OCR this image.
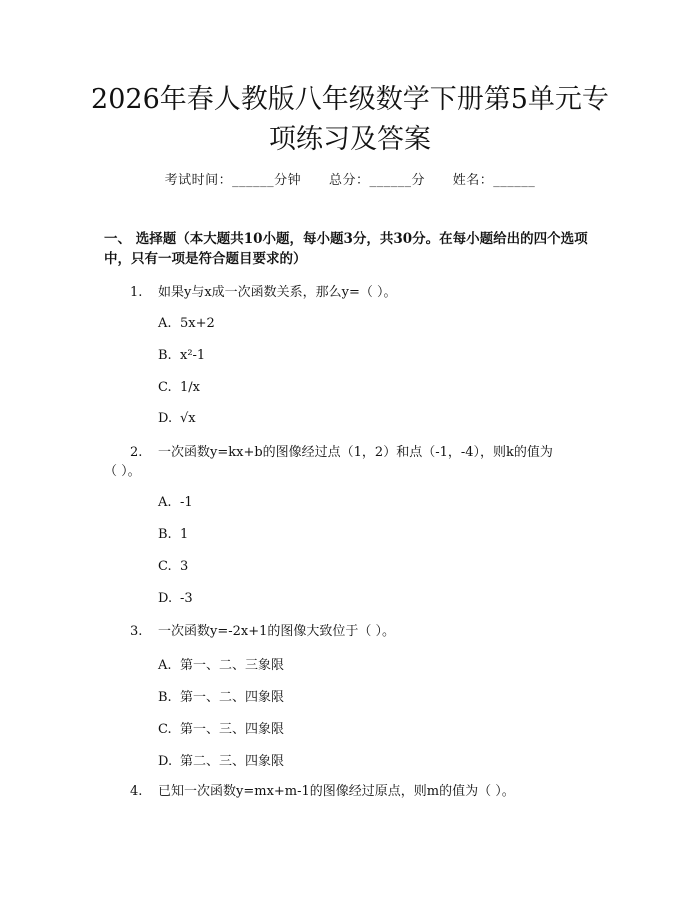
2026年春人教版八年级数学下册第5单元专项练习及答案
考试时间：______分钟 总分：______分 姓名：______
一、 选择题（本大题共10小题，每小题3分，共30分。在每小题给出的四个选项中，只有一项是符合题目要求的）
1. 如果y与x成一次函数关系，那么y=（ ）。
A. 5x+2
B. x²-1
C. 1/x
D. √x
2. 一次函数y=kx+b的图像经过点（1，2）和点（-1，-4），则k的值为
（ ）。
A. -1
B. 1
C. 3
D. -3
3. 一次函数y=-2x+1的图像大致位于（ ）。
A. 第一、二、三象限
B. 第一、二、四象限
C. 第一、三、四象限
D. 第二、三、四象限
4. 已知一次函数y=mx+m-1的图像经过原点，则m的值为（ ）。
